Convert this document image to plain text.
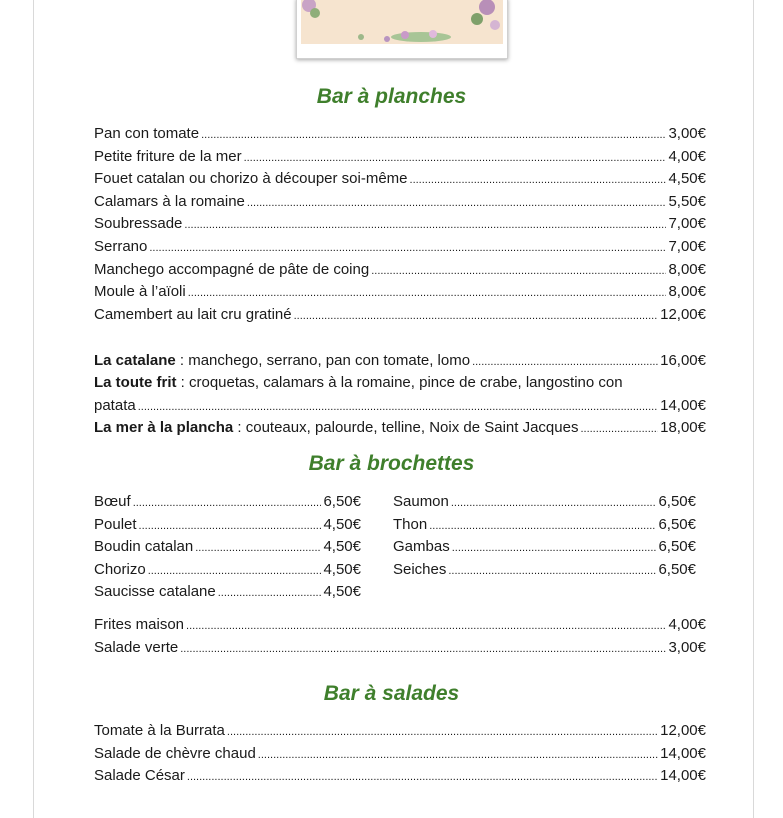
Bar à planches
Pan con tomate .....	3,00€
Petite friture de la mer .....	4,00€
Fouet catalan ou chorizo à découper soi-même .....	4,50€
Calamars à la romaine .....	5,50€
Soubressade .....	7,00€
Serrano .....	7,00€
Manchego accompagné de pâte de coing .....	8,00€
Moule à l’aïoli .....	8,00€
Camembert au lait cru gratiné .....	12,00€
La catalane : manchego, serrano, pan con tomate, lomo .....	16,00€
La toute frit : croquetas, calamars à la romaine, pince de crabe, langostino con
patata .....	14,00€
La mer à la plancha : couteaux, palourde, telline, Noix de Saint Jacques .....	18,00€
Bar à brochettes
Bœuf .....	6,50€
Poulet .....	4,50€
Boudin catalan .....	4,50€
Chorizo .....	4,50€
Saucisse catalane .....	4,50€
Saumon .....	6,50€
Thon .....	6,50€
Gambas .....	6,50€
Seiches .....	6,50€
Frites maison .....	4,00€
Salade verte .....	3,00€
Bar à salades
Tomate à la Burrata .....	12,00€
Salade de chèvre chaud .....	14,00€
Salade César .....	14,00€
